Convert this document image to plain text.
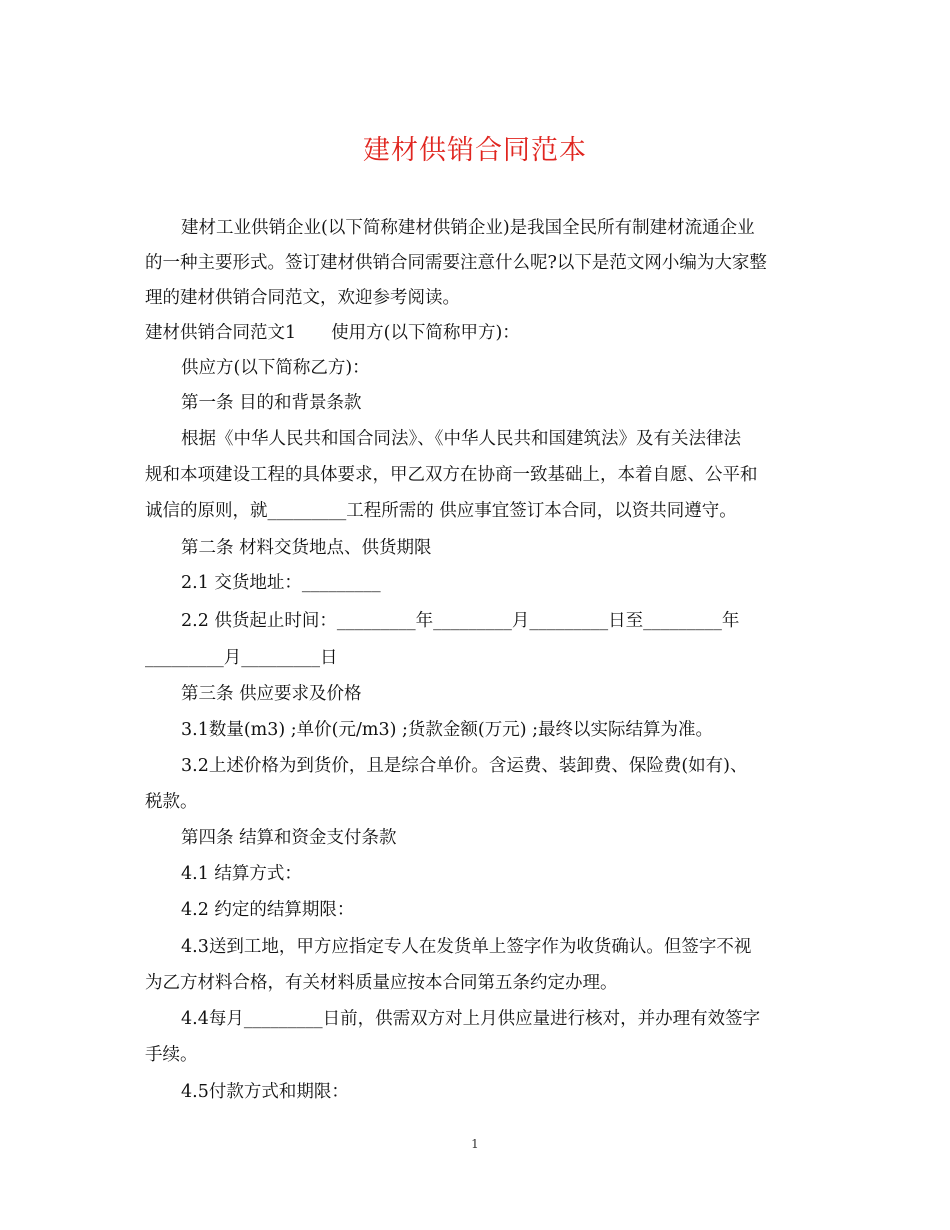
建材供销合同范本
建材工业供销企业(以下简称建材供销企业)是我国全民所有制建材流通企业
的一种主要形式。签订建材供销合同需要注意什么呢?以下是范文网小编为大家整
理的建材供销合同范文，欢迎参考阅读。
建材供销合同范文1　　使用方(以下简称甲方)：
供应方(以下简称乙方)：
第一条 目的和背景条款
根据《中华人民共和国合同法》、《中华人民共和国建筑法》及有关法律法
规和本项建设工程的具体要求，甲乙双方在协商一致基础上，本着自愿、公平和
诚信的原则，就_________工程所需的 供应事宜签订本合同，以资共同遵守。
第二条 材料交货地点、供货期限
2.1 交货地址：_________
2.2 供货起止时间：_________年_________月_________日至_________年
_________月_________日
第三条 供应要求及价格
3.1数量(m3) ;单价(元/m3) ;货款金额(万元) ;最终以实际结算为准。
3.2上述价格为到货价，且是综合单价。含运费、装卸费、保险费(如有)、
税款。
第四条 结算和资金支付条款
4.1 结算方式：
4.2 约定的结算期限：
4.3送到工地，甲方应指定专人在发货单上签字作为收货确认。但签字不视
为乙方材料合格，有关材料质量应按本合同第五条约定办理。
4.4每月_________日前，供需双方对上月供应量进行核对，并办理有效签字
手续。
4.5付款方式和期限：
1
